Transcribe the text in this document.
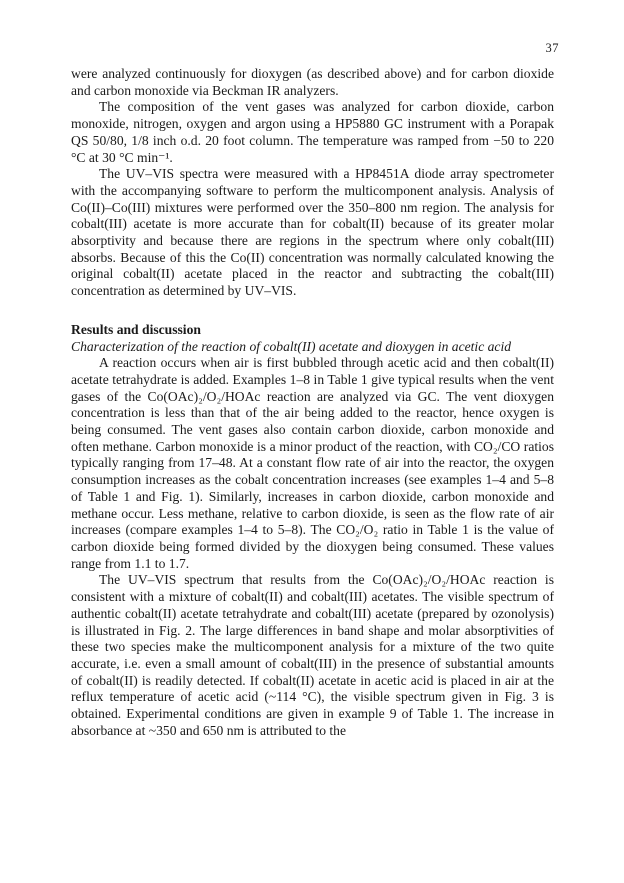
37

were analyzed continuously for dioxygen (as described above) and for carbon dioxide and carbon monoxide via Beckman IR analyzers.

The composition of the vent gases was analyzed for carbon dioxide, carbon monoxide, nitrogen, oxygen and argon using a HP5880 GC instrument with a Porapak QS 50/80, 1/8 inch o.d. 20 foot column. The temperature was ramped from −50 to 220 °C at 30 °C min⁻¹.

The UV–VIS spectra were measured with a HP8451A diode array spectrometer with the accompanying software to perform the multicomponent analysis. Analysis of Co(II)–Co(III) mixtures were performed over the 350–800 nm region. The analysis for cobalt(III) acetate is more accurate than for cobalt(II) because of its greater molar absorptivity and because there are regions in the spectrum where only cobalt(III) absorbs. Because of this the Co(II) concentration was normally calculated knowing the original cobalt(II) acetate placed in the reactor and subtracting the cobalt(III) concentration as determined by UV–VIS.

Results and discussion
Characterization of the reaction of cobalt(II) acetate and dioxygen in acetic acid

A reaction occurs when air is first bubbled through acetic acid and then cobalt(II) acetate tetrahydrate is added. Examples 1–8 in Table 1 give typical results when the vent gases of the Co(OAc)₂/O₂/HOAc reaction are analyzed via GC. The vent dioxygen concentration is less than that of the air being added to the reactor, hence oxygen is being consumed. The vent gases also contain carbon dioxide, carbon monoxide and often methane. Carbon monoxide is a minor product of the reaction, with CO₂/CO ratios typically ranging from 17–48. At a constant flow rate of air into the reactor, the oxygen consumption increases as the cobalt concentration increases (see examples 1–4 and 5–8 of Table 1 and Fig. 1). Similarly, increases in carbon dioxide, carbon monoxide and methane occur. Less methane, relative to carbon dioxide, is seen as the flow rate of air increases (compare examples 1–4 to 5–8). The CO₂/O₂ ratio in Table 1 is the value of carbon dioxide being formed divided by the dioxygen being consumed. These values range from 1.1 to 1.7.

The UV–VIS spectrum that results from the Co(OAc)₂/O₂/HOAc reaction is consistent with a mixture of cobalt(II) and cobalt(III) acetates. The visible spectrum of authentic cobalt(II) acetate tetrahydrate and cobalt(III) acetate (prepared by ozonolysis) is illustrated in Fig. 2. The large differences in band shape and molar absorptivities of these two species make the multicomponent analysis for a mixture of the two quite accurate, i.e. even a small amount of cobalt(III) in the presence of substantial amounts of cobalt(II) is readily detected. If cobalt(II) acetate in acetic acid is placed in air at the reflux temperature of acetic acid (~114 °C), the visible spectrum given in Fig. 3 is obtained. Experimental conditions are given in example 9 of Table 1. The increase in absorbance at ~350 and 650 nm is attributed to the
